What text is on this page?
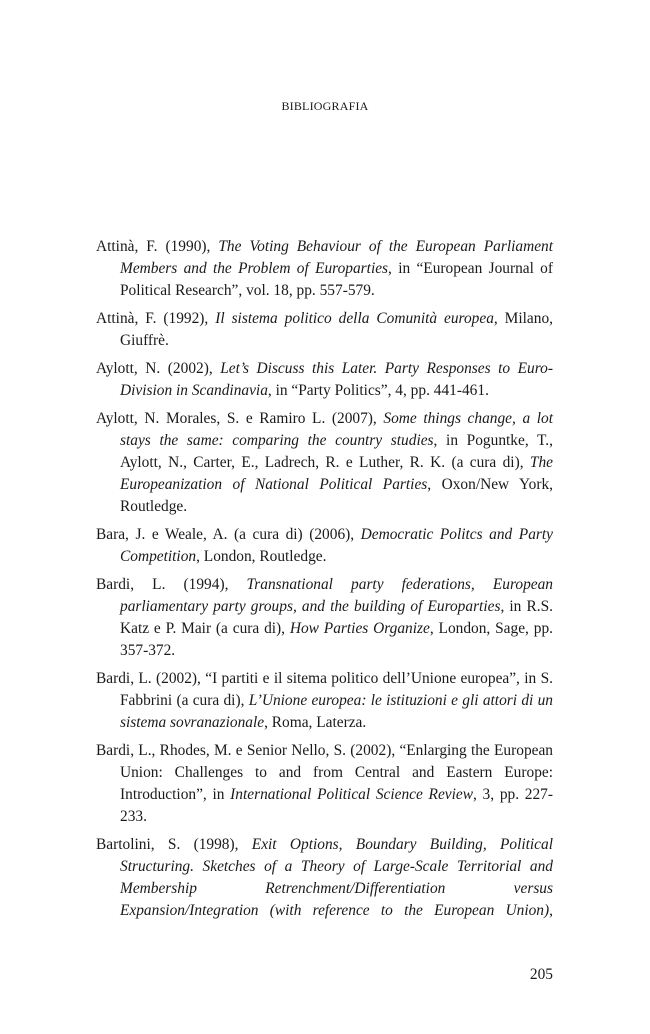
BIBLIOGRAFIA

Attinà, F. (1990), The Voting Behaviour of the European Parliament Members and the Problem of Europarties, in “European Journal of Political Research”, vol. 18, pp. 557-579.

Attinà, F. (1992), Il sistema politico della Comunità europea, Milano, Giuffrè.

Aylott, N. (2002), Let’s Discuss this Later. Party Responses to Euro-Division in Scandinavia, in “Party Politics”, 4, pp. 441-461.

Aylott, N. Morales, S. e Ramiro L. (2007), Some things change, a lot stays the same: comparing the country studies, in Poguntke, T., Aylott, N., Carter, E., Ladrech, R. e Luther, R. K. (a cura di), The Europeanization of National Political Parties, Oxon/New York, Routledge.

Bara, J. e Weale, A. (a cura di) (2006), Democratic Politcs and Party Competition, London, Routledge.

Bardi, L. (1994), Transnational party federations, European parliamentary party groups, and the building of Europarties, in R.S. Katz e P. Mair (a cura di), How Parties Organize, London, Sage, pp. 357-372.

Bardi, L. (2002), “I partiti e il sitema politico dell’Unione europea”, in S. Fabbrini (a cura di), L’Unione europea: le istituzioni e gli attori di un sistema sovranazionale, Roma, Laterza.

Bardi, L., Rhodes, M. e Senior Nello, S. (2002), “Enlarging the European Union: Challenges to and from Central and Eastern Europe: Introduction”, in International Political Science Review, 3, pp. 227-233.

Bartolini, S. (1998), Exit Options, Boundary Building, Political Structuring. Sketches of a Theory of Large-Scale Territorial and Membership Retrenchment/Differentiation versus Expansion/Integration (with reference to the European Union),

205
